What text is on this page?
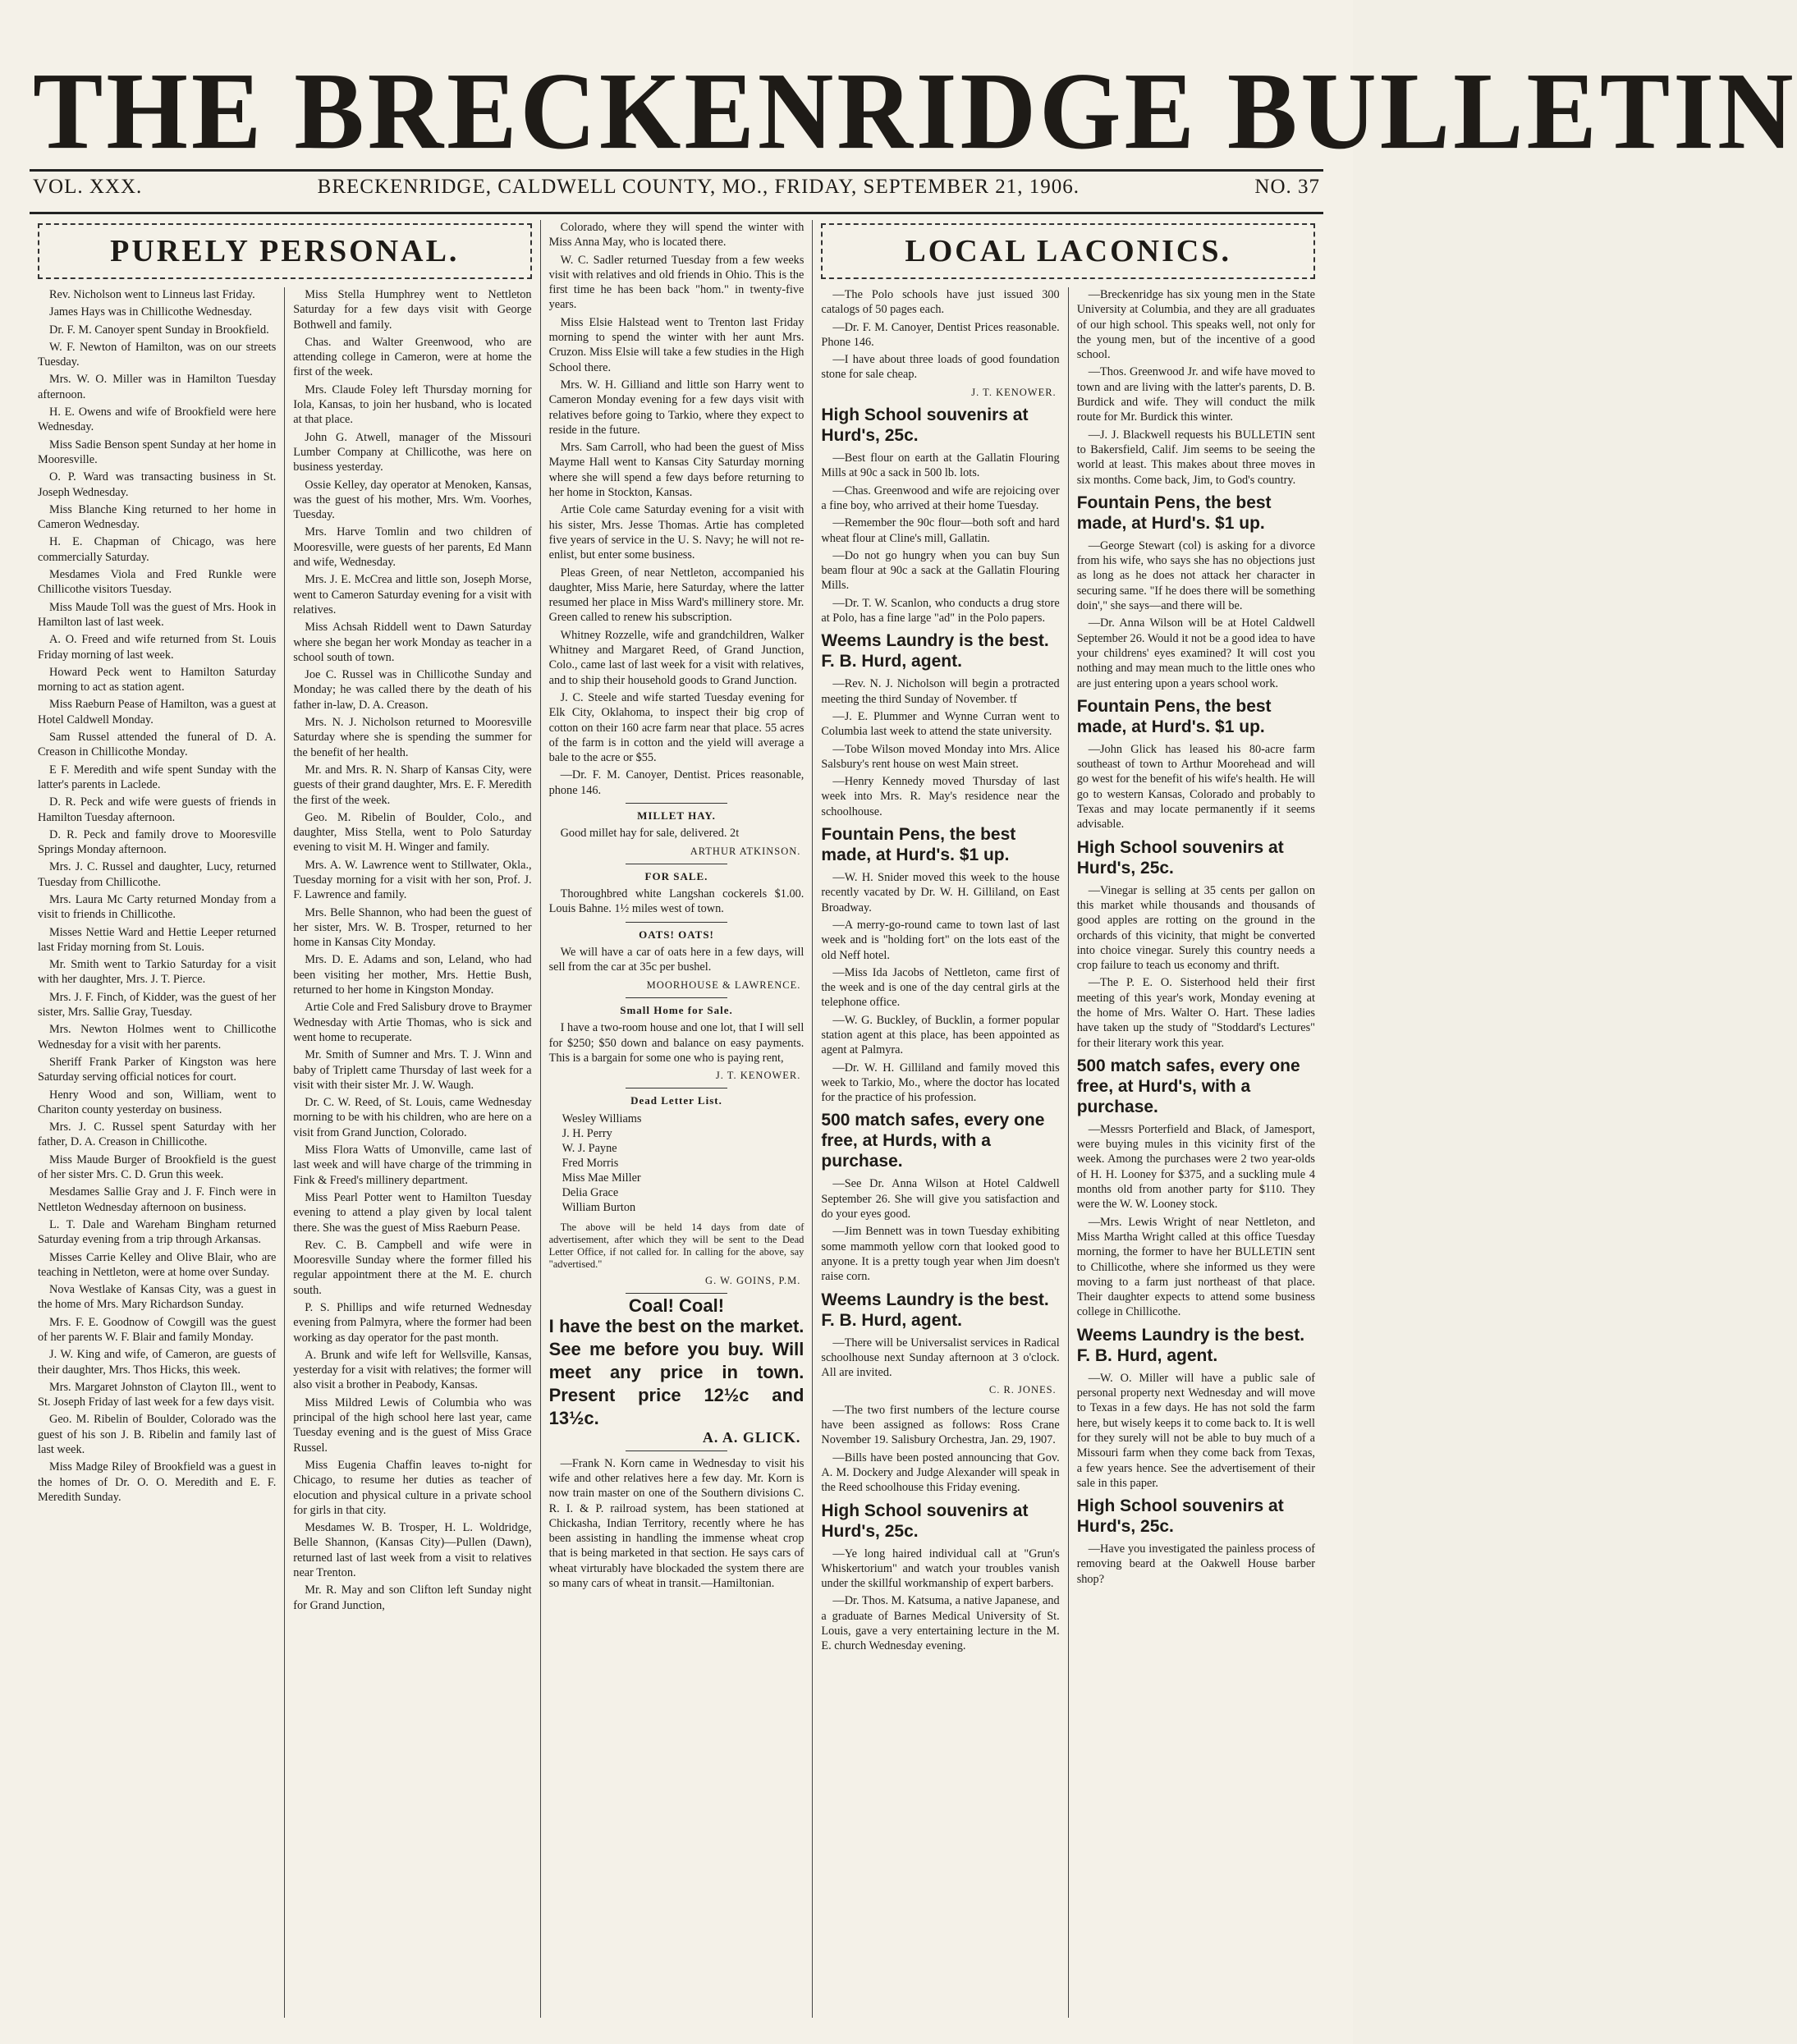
THE BRECKENRIDGE BULLETIN
VOL. XXX.	BRECKENRIDGE, CALDWELL COUNTY, MO., FRIDAY, SEPTEMBER 21, 1906.	NO. 37
PURELY PERSONAL.

Rev. Nicholson went to Linneus last Friday.

James Hays was in Chillicothe Wednesday.

Dr. F. M. Canoyer spent Sunday in Brookfield.

W. F. Newton of Hamilton, was on our streets Tuesday.

Mrs. W. O. Miller was in Hamilton Tuesday afternoon.

H. E. Owens and wife of Brookfield were here Wednesday.

Miss Sadie Benson spent Sunday at her home in Mooresville.

O. P. Ward was transacting business in St. Joseph Wednesday.

Miss Blanche King returned to her home in Cameron Wednesday.

H. E. Chapman of Chicago, was here commercially Saturday.

Mesdames Viola and Fred Runkle were Chillicothe visitors Tuesday.

Miss Maude Toll was the guest of Mrs. Hook in Hamilton last of last week.

A. O. Freed and wife returned from St. Louis Friday morning of last week.

Howard Peck went to Hamilton Saturday morning to act as station agent.

Miss Raeburn Pease of Hamilton, was a guest at Hotel Caldwell Monday.

Sam Russel attended the funeral of D. A. Creason in Chillicothe Monday.

E F. Meredith and wife spent Sunday with the latter's parents in Laclede.

D. R. Peck and wife were guests of friends in Hamilton Tuesday afternoon.

D. R. Peck and family drove to Mooresville Springs Monday afternoon.

Mrs. J. C. Russel and daughter, Lucy, returned Tuesday from Chillicothe.

Mrs. Laura Mc Carty returned Monday from a visit to friends in Chillicothe.

Misses Nettie Ward and Hettie Leeper returned last Friday morning from St. Louis.

Mr. Smith went to Tarkio Saturday for a visit with her daughter, Mrs. J. T. Pierce.

Mrs. J. F. Finch, of Kidder, was the guest of her sister, Mrs. Sallie Gray, Tuesday.

Mrs. Newton Holmes went to Chillicothe Wednesday for a visit with her parents.

Sheriff Frank Parker of Kingston was here Saturday serving official notices for court.

Henry Wood and son, William, went to Chariton county yesterday on business.

Mrs. J. C. Russel spent Saturday with her father, D. A. Creason in Chillicothe.

Miss Maude Burger of Brookfield is the guest of her sister Mrs. C. D. Grun this week.

Mesdames Sallie Gray and J. F. Finch were in Nettleton Wednesday afternoon on business.

L. T. Dale and Wareham Bingham returned Saturday evening from a trip through Arkansas.

Misses Carrie Kelley and Olive Blair, who are teaching in Nettleton, were at home over Sunday.

Nova Westlake of Kansas City, was a guest in the home of Mrs. Mary Richardson Sunday.

Mrs. F. E. Goodnow of Cowgill was the guest of her parents W. F. Blair and family Monday.

J. W. King and wife, of Cameron, are guests of their daughter, Mrs. Thos Hicks, this week.

Mrs. Margaret Johnston of Clayton Ill., went to St. Joseph Friday of last week for a few days visit.

Geo. M. Ribelin of Boulder, Colorado was the guest of his son J. B. Ribelin and family last of last week.

Miss Madge Riley of Brookfield was a guest in the homes of Dr. O. O. Meredith and E. F. Meredith Sunday.

Miss Stella Humphrey went to Nettleton Saturday for a few days visit with George Bothwell and family.

Chas. and Walter Greenwood, who are attending college in Cameron, were at home the first of the week.

Mrs. Claude Foley left Thursday morning for Iola, Kansas, to join her husband, who is located at that place.

John G. Atwell, manager of the Missouri Lumber Company at Chillicothe, was here on business yesterday.

Ossie Kelley, day operator at Menoken, Kansas, was the guest of his mother, Mrs. Wm. Voorhes, Tuesday.

Mrs. Harve Tomlin and two children of Mooresville, were guests of her parents, Ed Mann and wife, Wednesday.

Mrs. J. E. McCrea and little son, Joseph Morse, went to Cameron Saturday evening for a visit with relatives.

Miss Achsah Riddell went to Dawn Saturday where she began her work Monday as teacher in a school south of town.

Joe C. Russel was in Chillicothe Sunday and Monday; he was called there by the death of his father in-law, D. A. Creason.

Mrs. N. J. Nicholson returned to Mooresville Saturday where she is spending the summer for the benefit of her health.

Mr. and Mrs. R. N. Sharp of Kansas City, were guests of their grand daughter, Mrs. E. F. Meredith the first of the week.

Geo. M. Ribelin of Boulder, Colo., and daughter, Miss Stella, went to Polo Saturday evening to visit M. H. Winger and family.

Mrs. A. W. Lawrence went to Stillwater, Okla., Tuesday morning for a visit with her son, Prof. J. F. Lawrence and family.

Mrs. Belle Shannon, who had been the guest of her sister, Mrs. W. B. Trosper, returned to her home in Kansas City Monday.

Mrs. D. E. Adams and son, Leland, who had been visiting her mother, Mrs. Hettie Bush, returned to her home in Kingston Monday.

Artie Cole and Fred Salisbury drove to Braymer Wednesday with Artie Thomas, who is sick and went home to recuperate.

Mr. Smith of Sumner and Mrs. T. J. Winn and baby of Triplett came Thursday of last week for a visit with their sister Mr. J. W. Waugh.

Dr. C. W. Reed, of St. Louis, came Wednesday morning to be with his children, who are here on a visit from Grand Junction, Colorado.

Miss Flora Watts of Umonville, came last of last week and will have charge of the trimming in Fink & Freed's millinery department.

Miss Pearl Potter went to Hamilton Tuesday evening to attend a play given by local talent there. She was the guest of Miss Raeburn Pease.

Rev. C. B. Campbell and wife were in Mooresville Sunday where the former filled his regular appointment there at the M. E. church south.

P. S. Phillips and wife returned Wednesday evening from Palmyra, where the former had been working as day operator for the past month.

A. Brunk and wife left for Wellsville, Kansas, yesterday for a visit with relatives; the former will also visit a brother in Peabody, Kansas.

Miss Mildred Lewis of Columbia who was principal of the high school here last year, came Tuesday evening and is the guest of Miss Grace Russel.

Miss Eugenia Chaffin leaves to-night for Chicago, to resume her duties as teacher of elocution and physical culture in a private school for girls in that city.

Mesdames W. B. Trosper, H. L. Woldridge, Belle Shannon, (Kansas City)—Pullen (Dawn), returned last of last week from a visit to relatives near Trenton.

Mr. R. May and son Clifton left Sunday night for Grand Junction,

Colorado, where they will spend the winter with Miss Anna May, who is located there.

W. C. Sadler returned Tuesday from a few weeks visit with relatives and old friends in Ohio. This is the first time he has been back "hom." in twenty-five years.

Miss Elsie Halstead went to Trenton last Friday morning to spend the winter with her aunt Mrs. Cruzon. Miss Elsie will take a few studies in the High School there.

Mrs. W. H. Gilliand and little son Harry went to Cameron Monday evening for a few days visit with relatives before going to Tarkio, where they expect to reside in the future.

Mrs. Sam Carroll, who had been the guest of Miss Mayme Hall went to Kansas City Saturday morning where she will spend a few days before returning to her home in Stockton, Kansas.

Artie Cole came Saturday evening for a visit with his sister, Mrs. Jesse Thomas. Artie has completed five years of service in the U. S. Navy; he will not re-enlist, but enter some business.

Pleas Green, of near Nettleton, accompanied his daughter, Miss Marie, here Saturday, where the latter resumed her place in Miss Ward's millinery store. Mr. Green called to renew his subscription.

Whitney Rozzelle, wife and grandchildren, Walker Whitney and Margaret Reed, of Grand Junction, Colo., came last of last week for a visit with relatives, and to ship their household goods to Grand Junction.

J. C. Steele and wife started Tuesday evening for Elk City, Oklahoma, to inspect their big crop of cotton on their 160 acre farm near that place. 55 acres of the farm is in cotton and the yield will average a bale to the acre or $55.

—Dr. F. M. Canoyer, Dentist. Prices reasonable, phone 146.

MILLET HAY.

Good millet hay for sale, delivered. 2t

ARTHUR ATKINSON.
FOR SALE.

Thoroughbred white Langshan cockerels $1.00. Louis Bahne. 1½ miles west of town.

OATS! OATS!

We will have a car of oats here in a few days, will sell from the car at 35c per bushel.

MOORHOUSE & LAWRENCE.
Small Home for Sale.

I have a two-room house and one lot, that I will sell for $250; $50 down and balance on easy payments. This is a bargain for some one who is paying rent,

J. T. KENOWER.
Dead Letter List.
Wesley Williams
J. H. Perry
W. J. Payne
Fred Morris
Miss Mae Miller
Delia Grace
William Burton

The above will be held 14 days from date of advertisement, after which they will be sent to the Dead Letter Office, if not called for. In calling for the above, say "advertised."

G. W. GOINS, P.M.
Coal! Coal!
I have the best on the market. See me before you buy. Will meet any price in town. Present price 12½c and 13½c.
A. A. GLICK.

—Frank N. Korn came in Wednesday to visit his wife and other relatives here a few day. Mr. Korn is now train master on one of the Southern divisions C. R. I. & P. railroad system, has been stationed at Chickasha, Indian Territory, recently where he has been assisting in handling the immense wheat crop that is being marketed in that section. He says cars of wheat virturably have blockaded the system there are so many cars of wheat in transit.—Hamiltonian.

LOCAL LACONICS.

—The Polo schools have just issued 300 catalogs of 50 pages each.

—Dr. F. M. Canoyer, Dentist Prices reasonable. Phone 146.

—I have about three loads of good foundation stone for sale cheap.

J. T. KENOWER.
High School souvenirs at Hurd's, 25c.

—Best flour on earth at the Gallatin Flouring Mills at 90c a sack in 500 lb. lots.

—Chas. Greenwood and wife are rejoicing over a fine boy, who arrived at their home Tuesday.

—Remember the 90c flour—both soft and hard wheat flour at Cline's mill, Gallatin.

—Do not go hungry when you can buy Sun beam flour at 90c a sack at the Gallatin Flouring Mills.

—Dr. T. W. Scanlon, who conducts a drug store at Polo, has a fine large "ad" in the Polo papers.

Weems Laundry is the best. F. B. Hurd, agent.

—Rev. N. J. Nicholson will begin a protracted meeting the third Sunday of November. tf

—J. E. Plummer and Wynne Curran went to Columbia last week to attend the state university.

—Tobe Wilson moved Monday into Mrs. Alice Salsbury's rent house on west Main street.

—Henry Kennedy moved Thursday of last week into Mrs. R. May's residence near the schoolhouse.

Fountain Pens, the best made, at Hurd's. $1 up.

—W. H. Snider moved this week to the house recently vacated by Dr. W. H. Gilliland, on East Broadway.

—A merry-go-round came to town last of last week and is "holding fort" on the lots east of the old Neff hotel.

—Miss Ida Jacobs of Nettleton, came first of the week and is one of the day central girls at the telephone office.

—W. G. Buckley, of Bucklin, a former popular station agent at this place, has been appointed as agent at Palmyra.

—Dr. W. H. Gilliland and family moved this week to Tarkio, Mo., where the doctor has located for the practice of his profession.

500 match safes, every one free, at Hurds, with a purchase.

—See Dr. Anna Wilson at Hotel Caldwell September 26. She will give you satisfaction and do your eyes good.

—Jim Bennett was in town Tuesday exhibiting some mammoth yellow corn that looked good to anyone. It is a pretty tough year when Jim doesn't raise corn.

Weems Laundry is the best. F. B. Hurd, agent.

—There will be Universalist services in Radical schoolhouse next Sunday afternoon at 3 o'clock. All are invited.

C. R. JONES.

—The two first numbers of the lecture course have been assigned as follows: Ross Crane November 19. Salisbury Orchestra, Jan. 29, 1907.

—Bills have been posted announcing that Gov. A. M. Dockery and Judge Alexander will speak in the Reed schoolhouse this Friday evening.

High School souvenirs at Hurd's, 25c.

—Ye long haired individual call at "Grun's Whiskertorium" and watch your troubles vanish under the skillful workmanship of expert barbers.

—Dr. Thos. M. Katsuma, a native Japanese, and a graduate of Barnes Medical University of St. Louis, gave a very entertaining lecture in the M. E. church Wednesday evening.

—Breckenridge has six young men in the State University at Columbia, and they are all graduates of our high school. This speaks well, not only for the young men, but of the incentive of a good school.

—Thos. Greenwood Jr. and wife have moved to town and are living with the latter's parents, D. B. Burdick and wife. They will conduct the milk route for Mr. Burdick this winter.

—J. J. Blackwell requests his BULLETIN sent to Bakersfield, Calif. Jim seems to be seeing the world at least. This makes about three moves in six months. Come back, Jim, to God's country.

Fountain Pens, the best made, at Hurd's. $1 up.

—George Stewart (col) is asking for a divorce from his wife, who says she has no objections just as long as he does not attack her character in securing same. "If he does there will be something doin'," she says—and there will be.

—Dr. Anna Wilson will be at Hotel Caldwell September 26. Would it not be a good idea to have your childrens' eyes examined? It will cost you nothing and may mean much to the little ones who are just entering upon a years school work.

Fountain Pens, the best made, at Hurd's. $1 up.

—John Glick has leased his 80-acre farm southeast of town to Arthur Moorehead and will go west for the benefit of his wife's health. He will go to western Kansas, Colorado and probably to Texas and may locate permanently if it seems advisable.

High School souvenirs at Hurd's, 25c.

—Vinegar is selling at 35 cents per gallon on this market while thousands and thousands of good apples are rotting on the ground in the orchards of this vicinity, that might be converted into choice vinegar. Surely this country needs a crop failure to teach us economy and thrift.

—The P. E. O. Sisterhood held their first meeting of this year's work, Monday evening at the home of Mrs. Walter O. Hart. These ladies have taken up the study of "Stoddard's Lectures" for their literary work this year.

500 match safes, every one free, at Hurd's, with a purchase.

—Messrs Porterfield and Black, of Jamesport, were buying mules in this vicinity first of the week. Among the purchases were 2 two year-olds of H. H. Looney for $375, and a suckling mule 4 months old from another party for $110. They were the W. W. Looney stock.

—Mrs. Lewis Wright of near Nettleton, and Miss Martha Wright called at this office Tuesday morning, the former to have her BULLETIN sent to Chillicothe, where she informed us they were moving to a farm just northeast of that place. Their daughter expects to attend some business college in Chillicothe.

Weems Laundry is the best. F. B. Hurd, agent.

—W. O. Miller will have a public sale of personal property next Wednesday and will move to Texas in a few days. He has not sold the farm here, but wisely keeps it to come back to. It is well for they surely will not be able to buy much of a Missouri farm when they come back from Texas, a few years hence. See the advertisement of their sale in this paper.

High School souvenirs at Hurd's, 25c.

—Have you investigated the painless process of removing beard at the Oakwell House barber shop?
